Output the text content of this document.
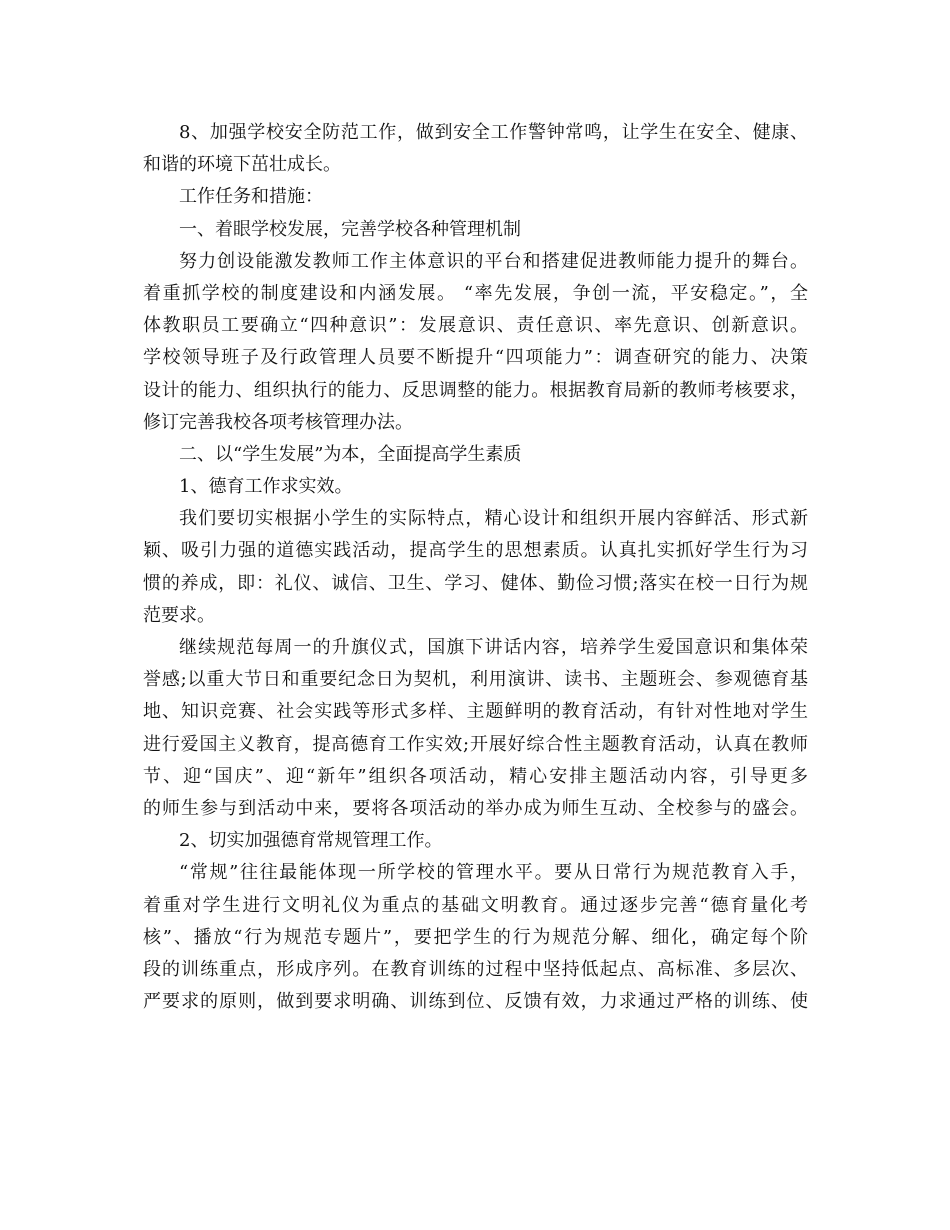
8、加强学校安全防范工作，做到安全工作警钟常鸣，让学生在安全、健康、
和谐的环境下茁壮成长。
工作任务和措施：
一、着眼学校发展，完善学校各种管理机制
努力创设能激发教师工作主体意识的平台和搭建促进教师能力提升的舞台。
着重抓学校的制度建设和内涵发展。 “率先发展，争创一流，平安稳定。”，全
体教职员工要确立“四种意识”：发展意识、责任意识、率先意识、创新意识。
学校领导班子及行政管理人员要不断提升“四项能力”：调查研究的能力、决策
设计的能力、组织执行的能力、反思调整的能力。根据教育局新的教师考核要求，
修订完善我校各项考核管理办法。
二、以“学生发展”为本，全面提高学生素质
1、德育工作求实效。
我们要切实根据小学生的实际特点，精心设计和组织开展内容鲜活、形式新
颖、吸引力强的道德实践活动，提高学生的思想素质。认真扎实抓好学生行为习
惯的养成，即：礼仪、诚信、卫生、学习、健体、勤俭习惯;落实在校一日行为规
范要求。
继续规范每周一的升旗仪式，国旗下讲话内容，培养学生爱国意识和集体荣
誉感;以重大节日和重要纪念日为契机，利用演讲、读书、主题班会、参观德育基
地、知识竞赛、社会实践等形式多样、主题鲜明的教育活动，有针对性地对学生
进行爱国主义教育，提高德育工作实效;开展好综合性主题教育活动，认真在教师
节、迎“国庆”、迎“新年”组织各项活动，精心安排主题活动内容，引导更多
的师生参与到活动中来，要将各项活动的举办成为师生互动、全校参与的盛会。
2、切实加强德育常规管理工作。
“常规”往往最能体现一所学校的管理水平。要从日常行为规范教育入手，
着重对学生进行文明礼仪为重点的基础文明教育。通过逐步完善“德育量化考
核”、播放“行为规范专题片”，要把学生的行为规范分解、细化，确定每个阶
段的训练重点，形成序列。在教育训练的过程中坚持低起点、高标准、多层次、
严要求的原则，做到要求明确、训练到位、反馈有效，力求通过严格的训练、使
